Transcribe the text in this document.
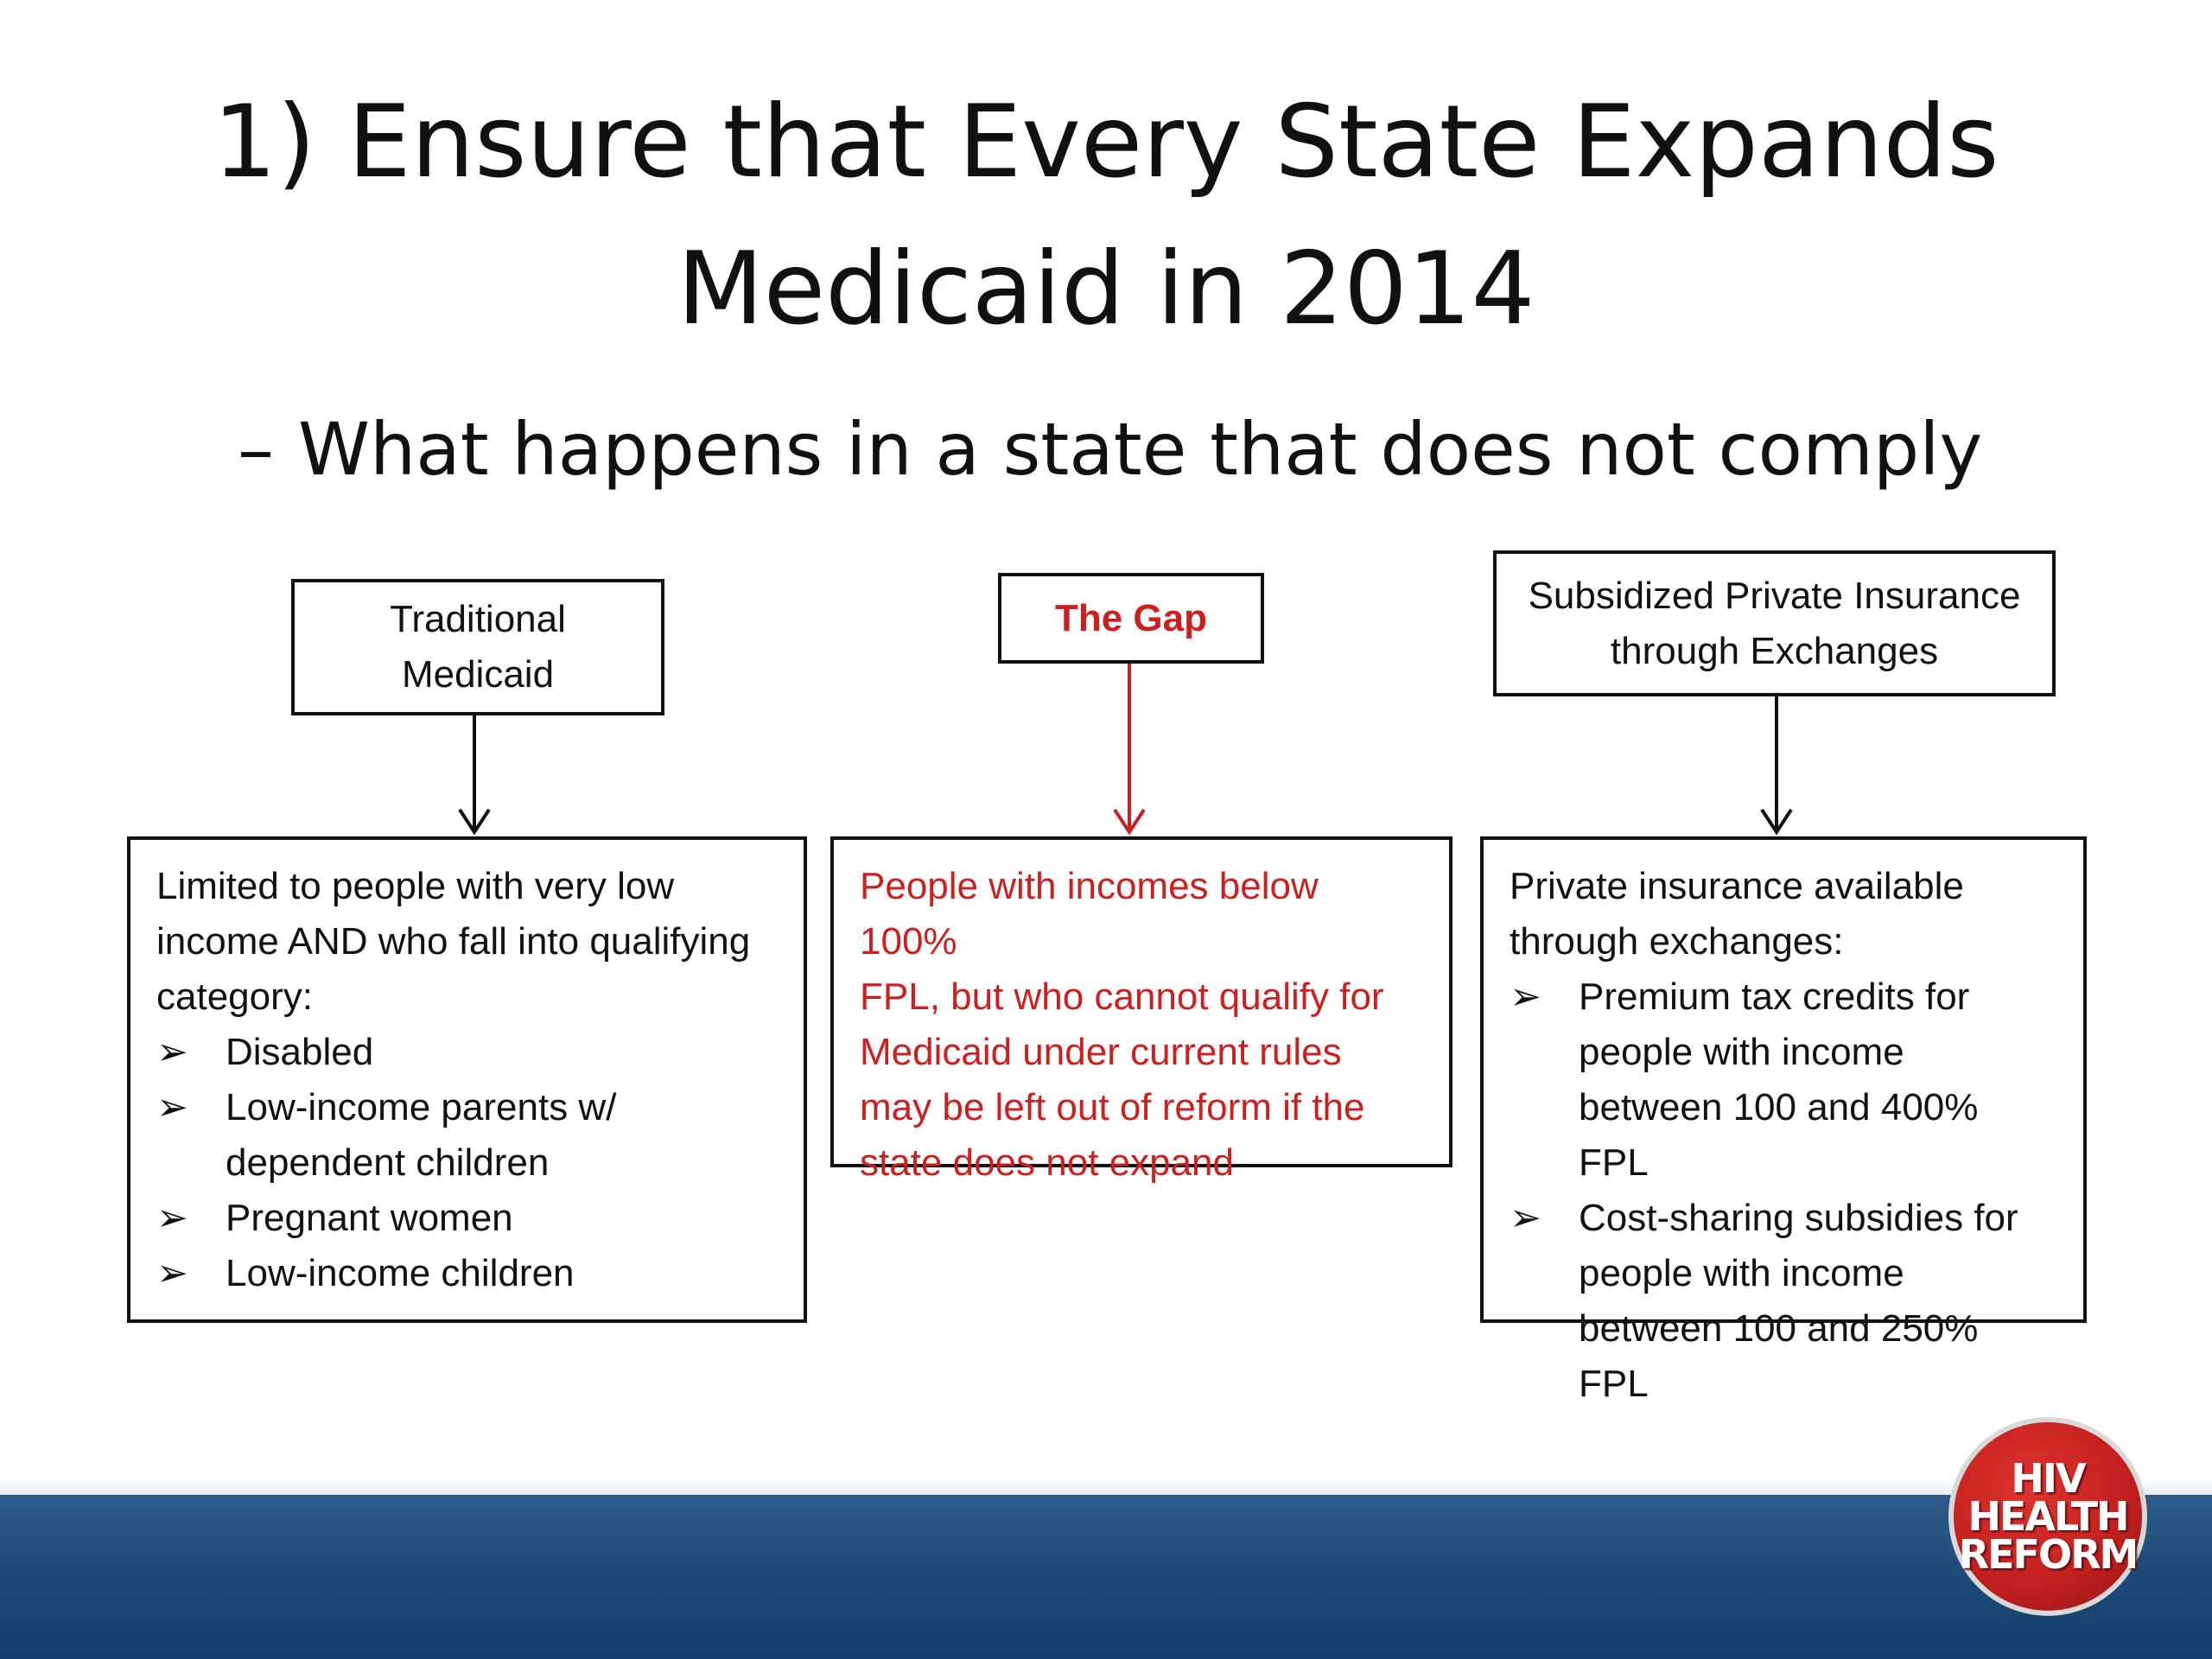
1) Ensure that Every State Expands
Medicaid in 2014
– What happens in a state that does not comply
Traditional
Medicaid
The Gap
Subsidized Private Insurance
through Exchanges
Limited to people with very low
income AND who fall into qualifying
category:
➢ Disabled
➢ Low-income parents w/
dependent children
➢ Pregnant women
➢ Low-income children
People with incomes below 100%
FPL, but who cannot qualify for
Medicaid under current rules
may be left out of reform if the
state does not expand
Private insurance available
through exchanges:
➢ Premium tax credits for
people with income
between 100 and 400% FPL
➢ Cost-sharing subsidies for
people with income
between 100 and 250% FPL
HIV
HEALTH
REFORM
